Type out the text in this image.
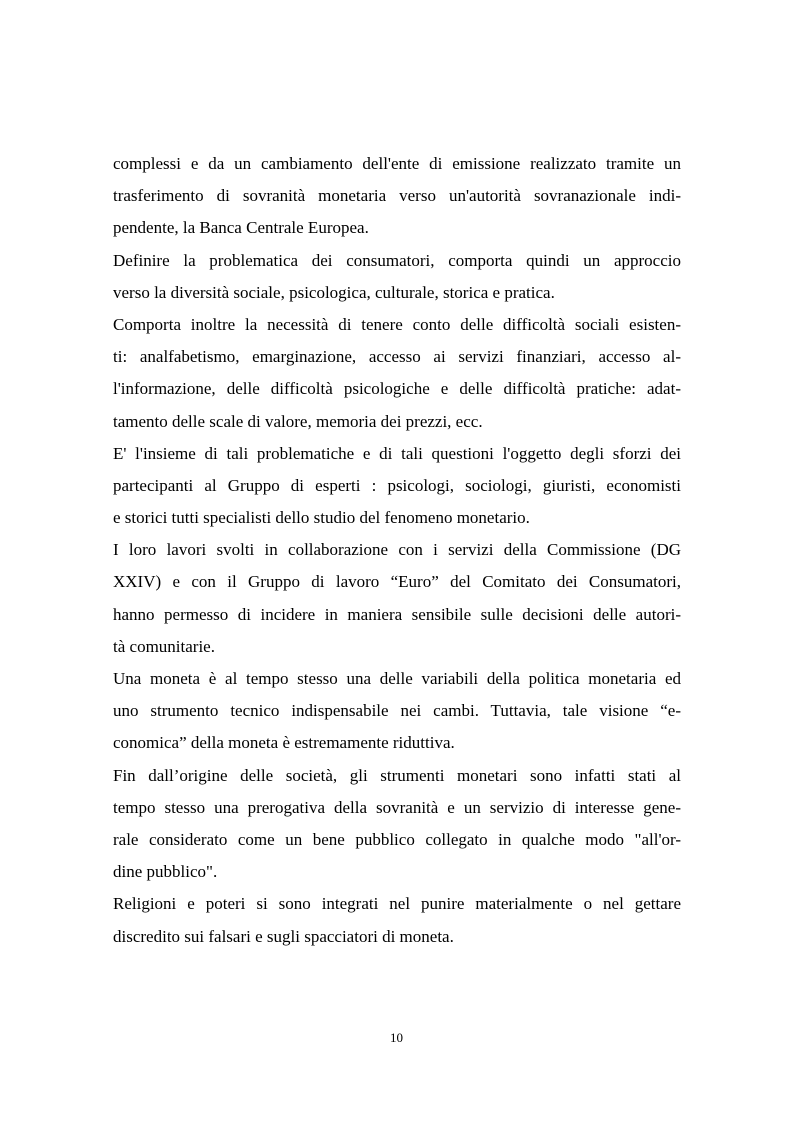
complessi e da un cambiamento dell'ente di emissione realizzato tramite un
trasferimento di sovranità monetaria verso un'autorità sovranazionale indi-
pendente, la Banca Centrale Europea.
Definire la problematica dei consumatori, comporta quindi un approccio
verso la diversità sociale, psicologica, culturale, storica e pratica.
Comporta inoltre la necessità di tenere conto delle difficoltà sociali esisten-
ti: analfabetismo, emarginazione, accesso ai servizi finanziari, accesso al-
l'informazione, delle difficoltà psicologiche e delle difficoltà pratiche: adat-
tamento delle scale di valore, memoria dei prezzi, ecc.
E' l'insieme di tali problematiche e di tali questioni l'oggetto degli sforzi dei
partecipanti al Gruppo di esperti : psicologi, sociologi, giuristi, economisti
e storici tutti specialisti dello studio del fenomeno monetario.
I loro lavori svolti in collaborazione con i servizi della Commissione (DG
XXIV) e con il Gruppo di lavoro “Euro” del Comitato dei Consumatori,
hanno permesso di incidere in maniera sensibile sulle decisioni delle autori-
tà comunitarie.
Una moneta è al tempo stesso una delle variabili della politica monetaria ed
uno strumento tecnico indispensabile nei cambi. Tuttavia, tale visione “e-
conomica” della moneta è estremamente riduttiva.
Fin dall’origine delle società, gli strumenti monetari sono infatti stati al
tempo stesso una prerogativa della sovranità e un servizio di interesse gene-
rale considerato come un bene pubblico collegato in qualche modo "all'or-
dine pubblico".
Religioni e poteri si sono integrati nel punire materialmente o nel gettare
discredito sui falsari e sugli spacciatori di moneta.
10
